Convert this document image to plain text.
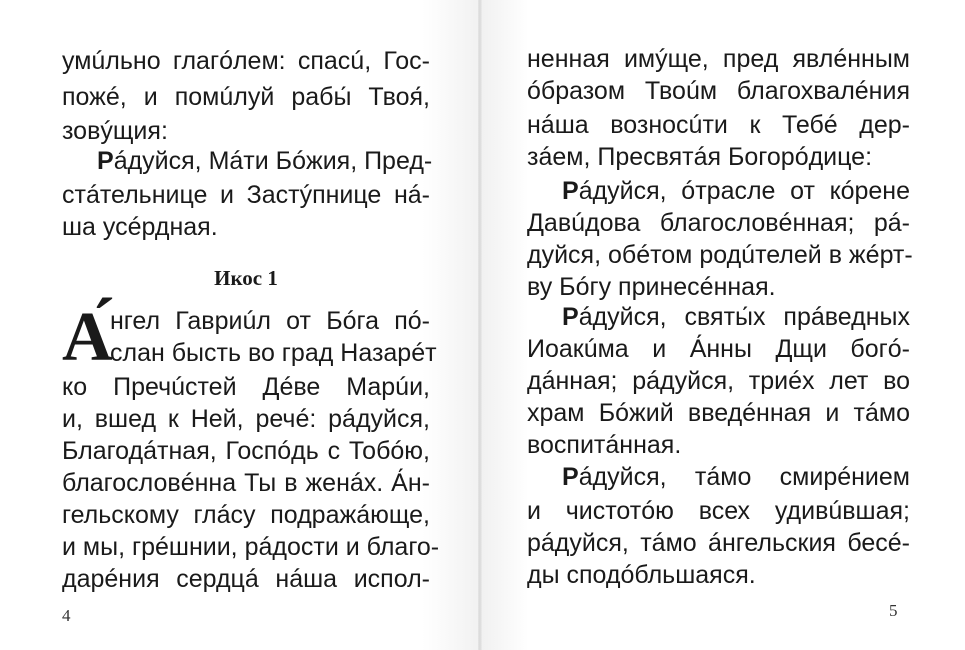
умúльно глагóлем: спасú, Гос-
пожé, и помúлуй рабы́ Твоя́,
зовýщия:
Рáдуйся, Мáти Бóжия, Пред-
стáтельнице и Застýпнице нá-
ша усéрдная.
Икос 1
А́
нгел Гавриúл от Бóга пó-
слан бысть во град Назарéт
ко Пречúстей Дéве Марúи,
и, вшед к Ней, речé: рáдуйся,
Благодáтная, Госпóдь с Тобóю,
благословéнна Ты в женáх. А́н-
гельскому глáсу подражáюще,
и мы, грéшнии, рáдости и благо-
дарéния сердцá нáша испол-
4
ненная имýще, пред явлéнным
óбразом Твоúм благохвалéния
нáша возносúти к Тебé дер-
зáем, Пресвятáя Богорóдице:
Рáдуйся, óтрасле от кóрене
Давúдова благословéнная; рá-
дуйся, обéтом родúтелей в жéрт-
ву Бóгу принесéнная.
Рáдуйся, святы́х прáведных
Иоакúма и А́нны Дщи богó-
дáнная; рáдуйся, триéх лет во
храм Бóжий введéнная и тáмо
воспитáнная.
Рáдуйся, тáмо смирéнием
и чистотóю всех удивúвшая;
рáдуйся, тáмо áнгельския бесé-
ды сподóбльшаяся.
5
